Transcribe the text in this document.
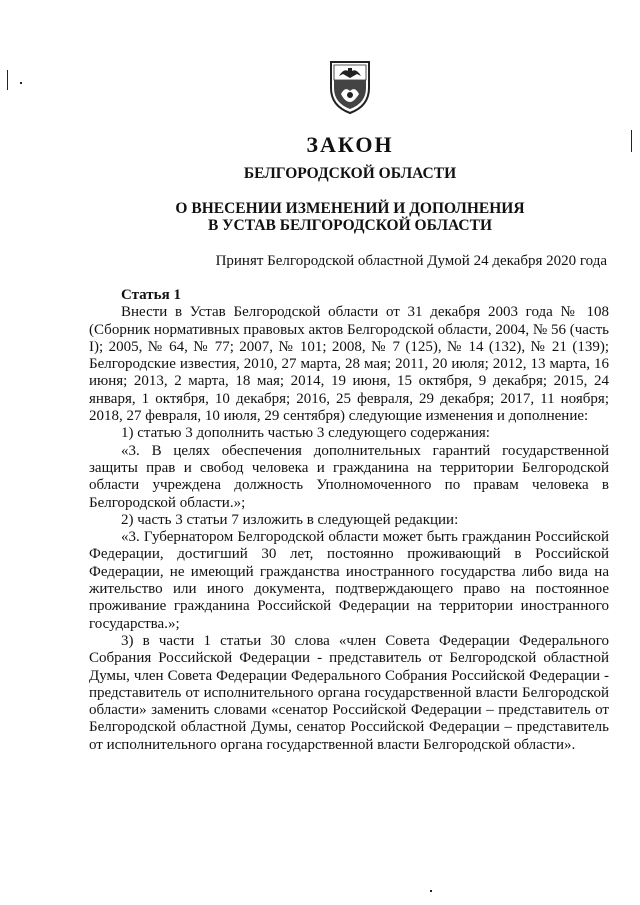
ЗАКОН
БЕЛГОРОДСКОЙ ОБЛАСТИ
О ВНЕСЕНИИ ИЗМЕНЕНИЙ И ДОПОЛНЕНИЯ
В УСТАВ БЕЛГОРОДСКОЙ ОБЛАСТИ
Принят Белгородской областной Думой 24 декабря 2020 года

Статья 1

Внести в Устав Белгородской области от 31 декабря 2003 года № 108 (Сборник нормативных правовых актов Белгородской области, 2004, № 56 (часть I); 2005, № 64, № 77; 2007, № 101; 2008, № 7 (125), № 14 (132), № 21 (139); Белгородские известия, 2010, 27 марта, 28 мая; 2011, 20 июля; 2012, 13 марта, 16 июня; 2013, 2 марта, 18 мая; 2014, 19 июня, 15 октября, 9 декабря; 2015, 24 января, 1 октября, 10 декабря; 2016, 25 февраля, 29 декабря; 2017, 11 ноября; 2018, 27 февраля, 10 июля, 29 сентября) следующие изменения и дополнение:

1) статью 3 дополнить частью 3 следующего содержания:

«3. В целях обеспечения дополнительных гарантий государственной защиты прав и свобод человека и гражданина на территории Белгородской области учреждена должность Уполномоченного по правам человека в Белгородской области.»;

2) часть 3 статьи 7 изложить в следующей редакции:

«3. Губернатором Белгородской области может быть гражданин Российской Федерации, достигший 30 лет, постоянно проживающий в Российской Федерации, не имеющий гражданства иностранного государства либо вида на жительство или иного документа, подтверждающего право на постоянное проживание гражданина Российской Федерации на территории иностранного государства.»;

3) в части 1 статьи 30 слова «член Совета Федерации Федерального Собрания Российской Федерации - представитель от Белгородской областной Думы, член Совета Федерации Федерального Собрания Российской Федерации - представитель от исполнительного органа государственной власти Белгородской области» заменить словами «сенатор Российской Федерации – представитель от Белгородской областной Думы, сенатор Российской Федерации – представитель от исполнительного органа государственной власти Белгородской области».
